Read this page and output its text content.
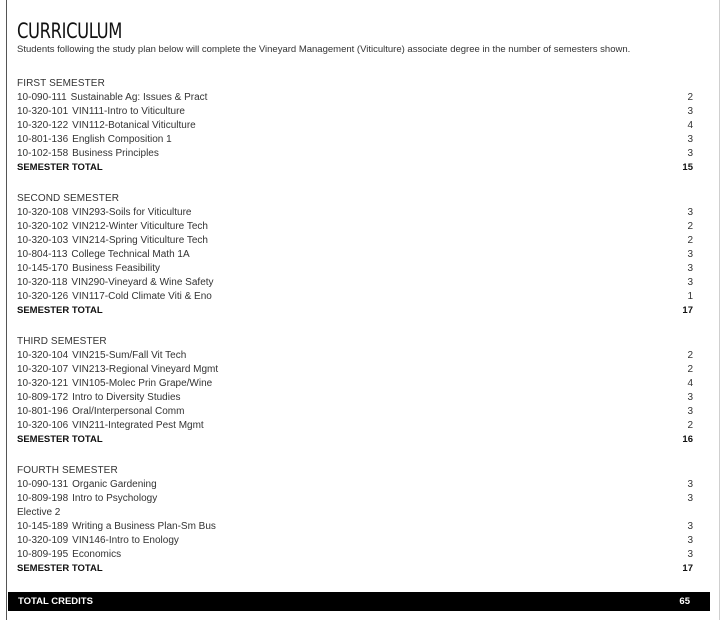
CURRICULUM
Students following the study plan below will complete the Vineyard Management (Viticulture) associate degree in the number of semesters shown.
FIRST SEMESTER
10-090-111 Sustainable Ag: Issues & Pract	2
10-320-101 VIN111-Intro to Viticulture	3
10-320-122 VIN112-Botanical Viticulture	4
10-801-136 English Composition 1	3
10-102-158 Business Principles	3
SEMESTER TOTAL	15
SECOND SEMESTER
10-320-108 VIN293-Soils for Viticulture	3
10-320-102 VIN212-Winter Viticulture Tech	2
10-320-103 VIN214-Spring Viticulture Tech	2
10-804-113 College Technical Math 1A	3
10-145-170 Business Feasibility	3
10-320-118 VIN290-Vineyard & Wine Safety	3
10-320-126 VIN117-Cold Climate Viti & Eno	1
SEMESTER TOTAL	17
THIRD SEMESTER
10-320-104 VIN215-Sum/Fall Vit Tech	2
10-320-107 VIN213-Regional Vineyard Mgmt	2
10-320-121 VIN105-Molec Prin Grape/Wine	4
10-809-172 Intro to Diversity Studies	3
10-801-196 Oral/Interpersonal Comm	3
10-320-106 VIN211-Integrated Pest Mgmt	2
SEMESTER TOTAL	16
FOURTH SEMESTER
10-090-131 Organic Gardening	3
10-809-198 Intro to Psychology	3
Elective 2
10-145-189 Writing a Business Plan-Sm Bus	3
10-320-109 VIN146-Intro to Enology	3
10-809-195 Economics	3
SEMESTER TOTAL	17
TOTAL CREDITS	65
